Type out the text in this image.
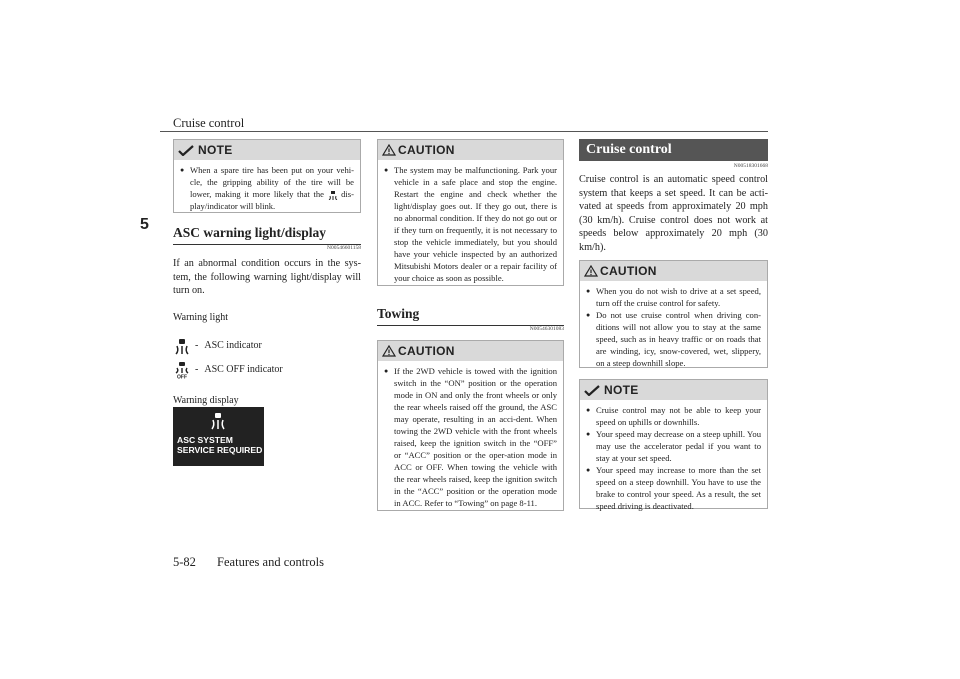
Cruise control
5
NOTE
● When a spare tire has been put on your vehi-cle, the gripping ability of the tire will be lower, making it more likely that the dis-play/indicator will blink.
ASC warning light/display
N00546601158
If an abnormal condition occurs in the sys-tem, the following warning light/display will turn on.
Warning light
- ASC indicator
OFF
- ASC OFF indicator
Warning display
ASC SYSTEM
SERVICE REQUIRED
CAUTION
● The system may be malfunctioning. Park your vehicle in a safe place and stop the engine. Restart the engine and check whether the light/display goes out. If they go out, there is no abnormal condition. If they do not go out or if they turn on frequently, it is not necessary to stop the vehicle immediately, but you should have your vehicle inspected by an authorized Mitsubishi Motors dealer or a repair facility of your choice as soon as possible.
Towing
N00546301083
CAUTION
● If the 2WD vehicle is towed with the ignition switch in the “ON” position or the operation mode in ON and only the front wheels or only the rear wheels raised off the ground, the ASC may operate, resulting in an acci-dent. When towing the 2WD vehicle with the front wheels raised, keep the ignition switch in the “OFF” or “ACC” position or the oper-ation mode in ACC or OFF. When towing the vehicle with the rear wheels raised, keep the ignition switch in the “ACC” position or the operation mode in ACC. Refer to “Towing” on page 8-11.
Cruise control
N00518301668
Cruise control is an automatic speed control system that keeps a set speed. It can be acti-vated at speeds from approximately 20 mph (30 km/h). Cruise control does not work at speeds below approximately 20 mph (30 km/h).
CAUTION
● When you do not wish to drive at a set speed, turn off the cruise control for safety.
● Do not use cruise control when driving con-ditions will not allow you to stay at the same speed, such as in heavy traffic or on roads that are winding, icy, snow-covered, wet, slippery, on a steep downhill slope.
NOTE
● Cruise control may not be able to keep your speed on uphills or downhills.
● Your speed may decrease on a steep uphill. You may use the accelerator pedal if you want to stay at your set speed.
● Your speed may increase to more than the set speed on a steep downhill. You have to use the brake to control your speed. As a result, the set speed driving is deactivated.
5-82 Features and controls
